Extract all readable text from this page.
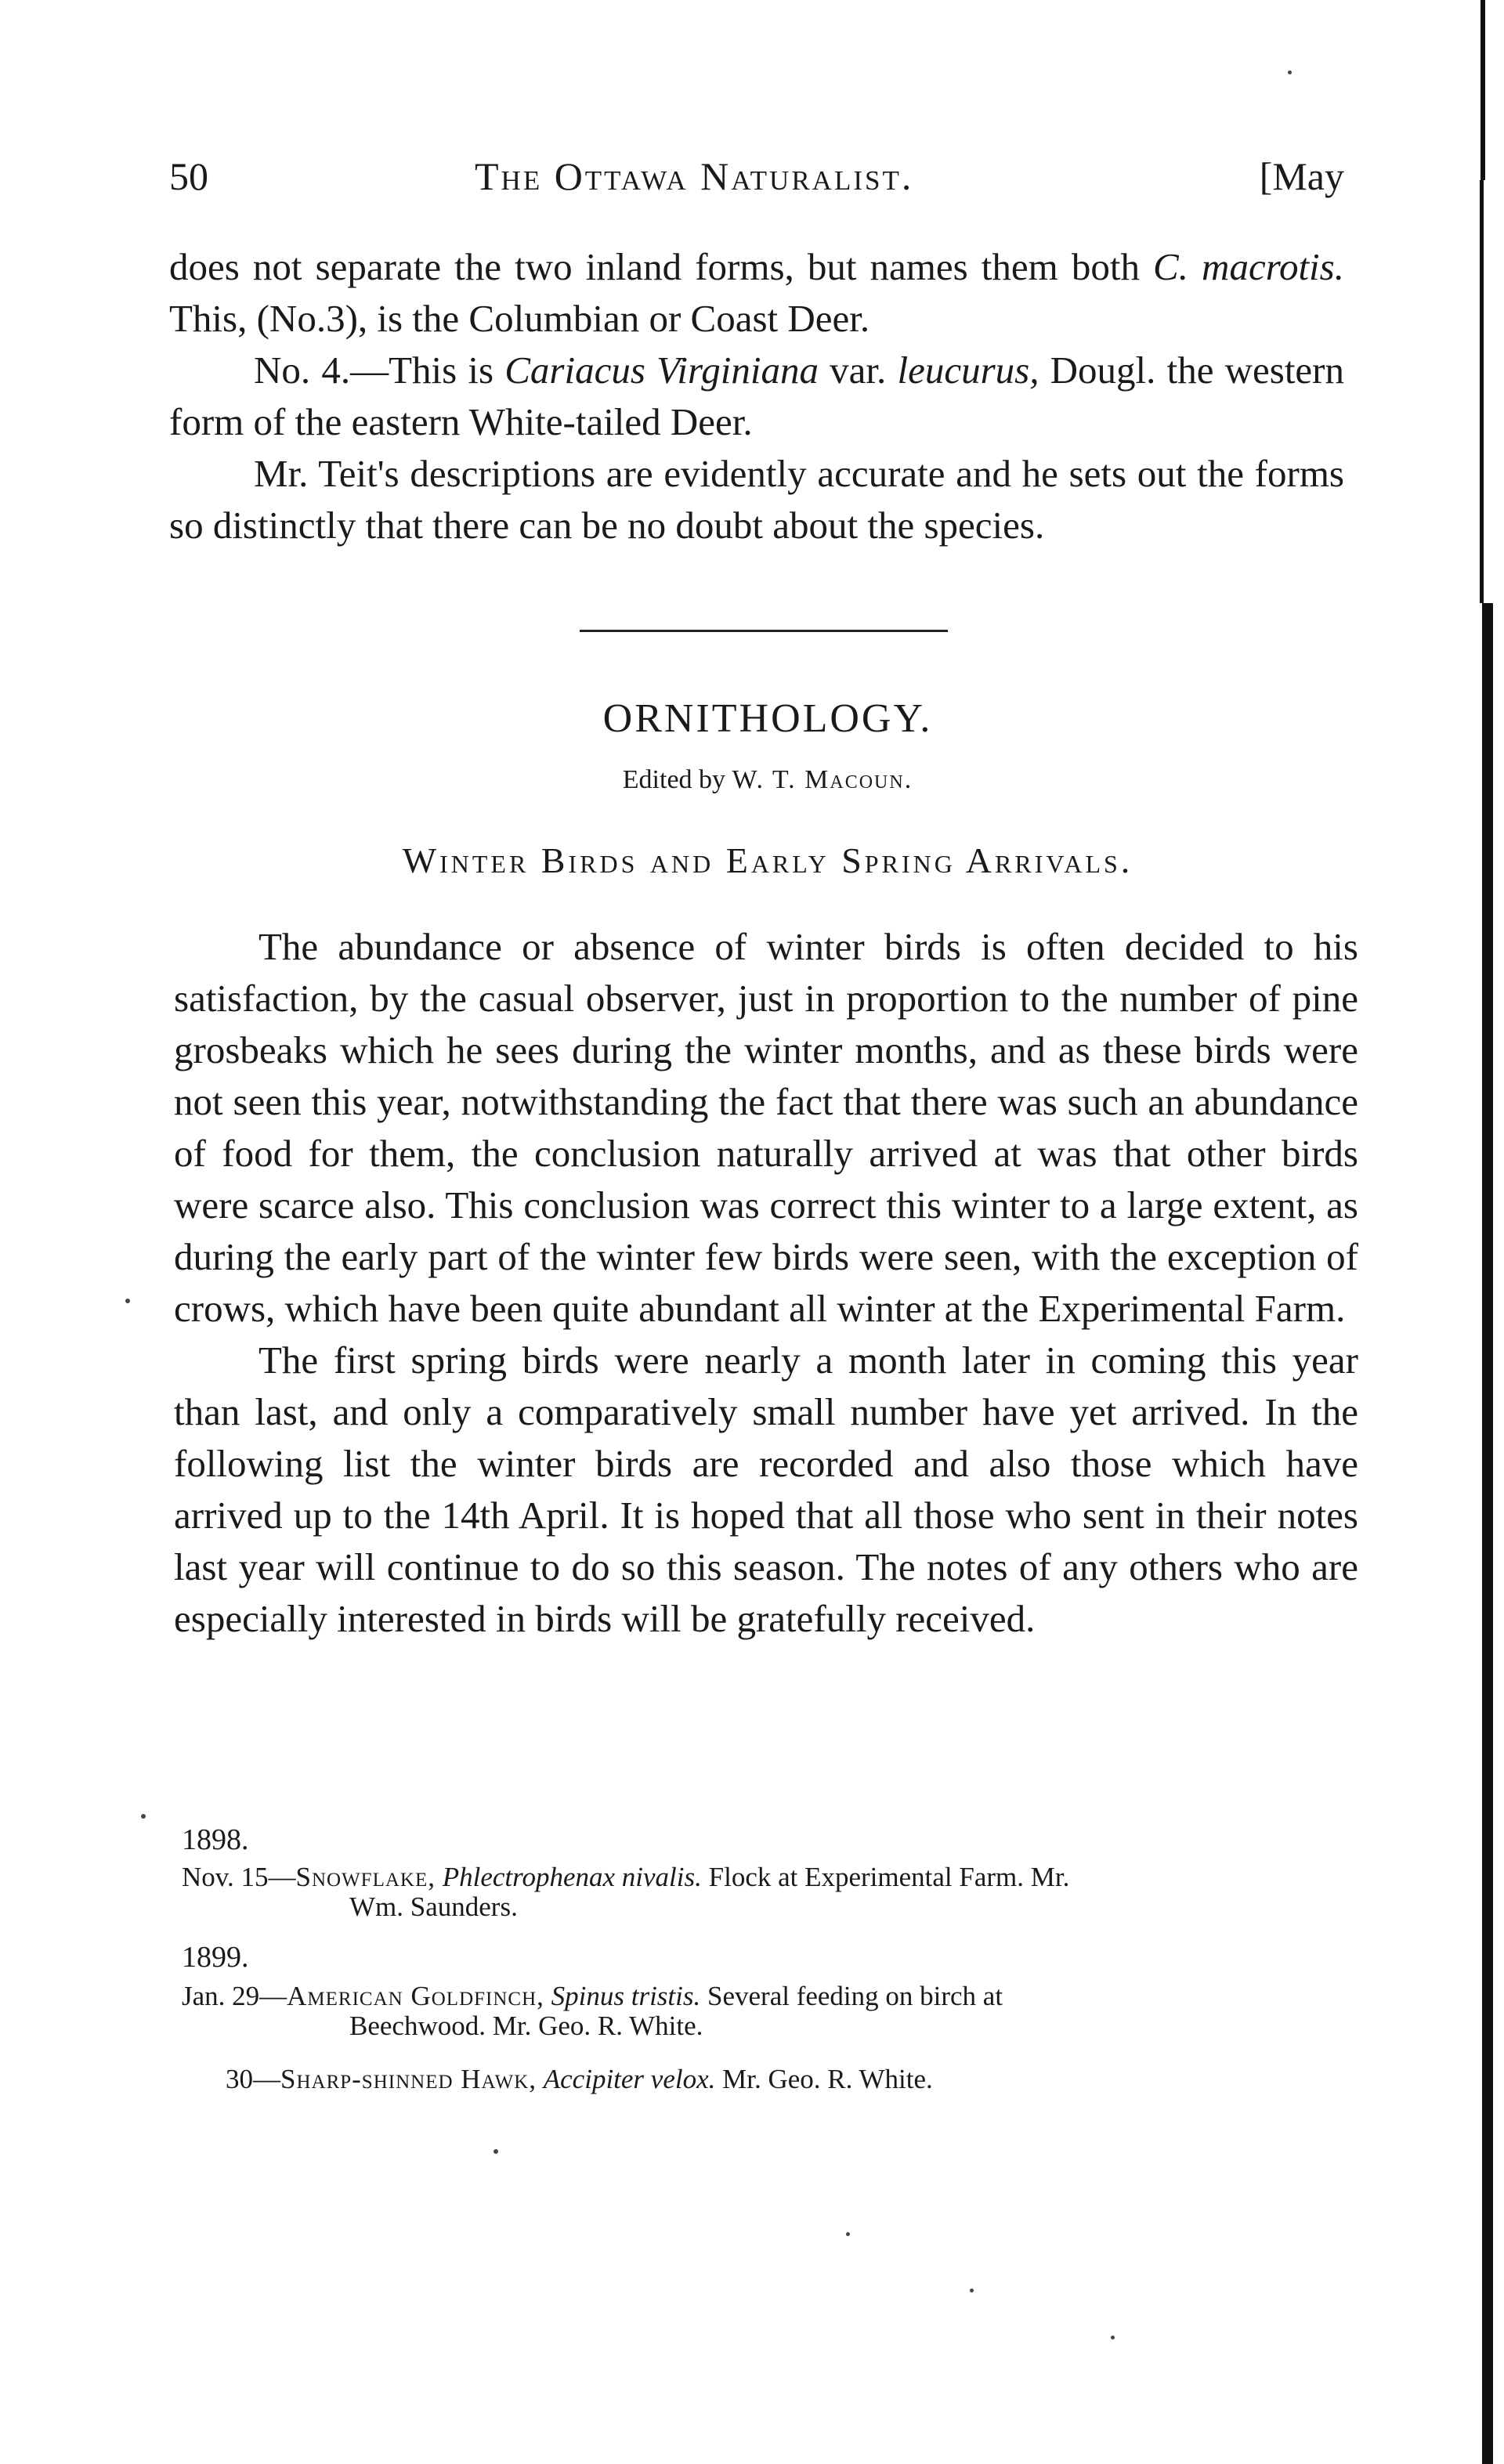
50	The Ottawa Naturalist.	[May

does not separate the two inland forms, but names them both C. macrotis. This, (No.3), is the Columbian or Coast Deer.

No. 4.—This is Cariacus Virginiana var. leucurus, Dougl. the western form of the eastern White-tailed Deer.

Mr. Teit's descriptions are evidently accurate and he sets out the forms so distinctly that there can be no doubt about the species.

ORNITHOLOGY.
Edited by W. T. Macoun.
Winter Birds and Early Spring Arrivals.

The abundance or absence of winter birds is often decided to his satisfaction, by the casual observer, just in proportion to the number of pine grosbeaks which he sees during the winter months, and as these birds were not seen this year, notwithstanding the fact that there was such an abundance of food for them, the conclusion naturally arrived at was that other birds were scarce also. This conclusion was correct this winter to a large extent, as during the early part of the winter few birds were seen, with the exception of crows, which have been quite abundant all winter at the Experimental Farm.

The first spring birds were nearly a month later in coming this year than last, and only a comparatively small number have yet arrived. In the following list the winter birds are recorded and also those which have arrived up to the 14th April. It is hoped that all those who sent in their notes last year will continue to do so this season. The notes of any others who are especially interested in birds will be gratefully received.

1898.
Nov. 15—Snowflake, Phlectrophenax nivalis. Flock at Experimental Farm. Mr.
Wm. Saunders.
1899.
Jan. 29—American Goldfinch, Spinus tristis. Several feeding on birch at
Beechwood. Mr. Geo. R. White.
30—Sharp-shinned Hawk, Accipiter velox. Mr. Geo. R. White.
